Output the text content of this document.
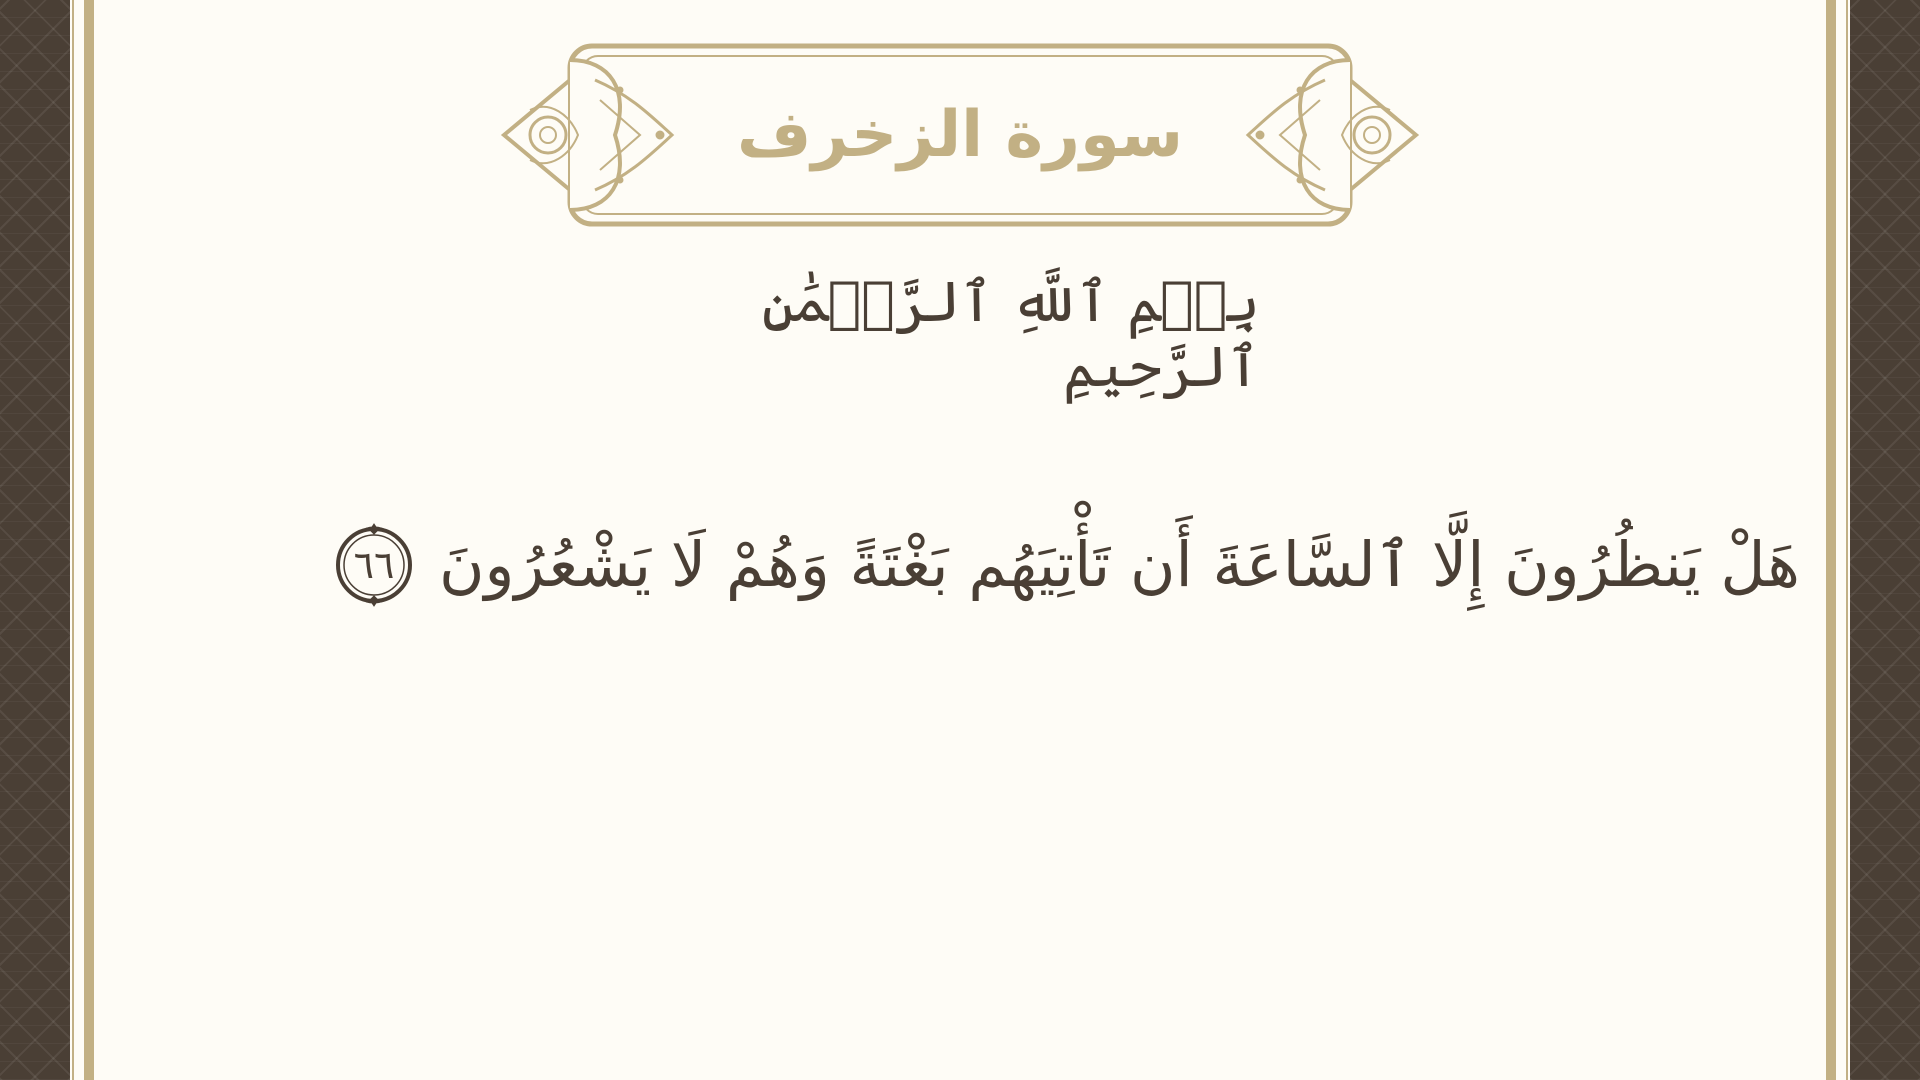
سورة الزخرف
بِسۡمِ ٱللَّهِ ٱلرَّحۡمَٰنِ ٱلرَّحِيمِ
هَلْ يَنظُرُونَ إِلَّا ٱلسَّاعَةَ أَن تَأْتِيَهُم بَغْتَةً وَهُمْ لَا يَشْعُرُونَ
٦٦
